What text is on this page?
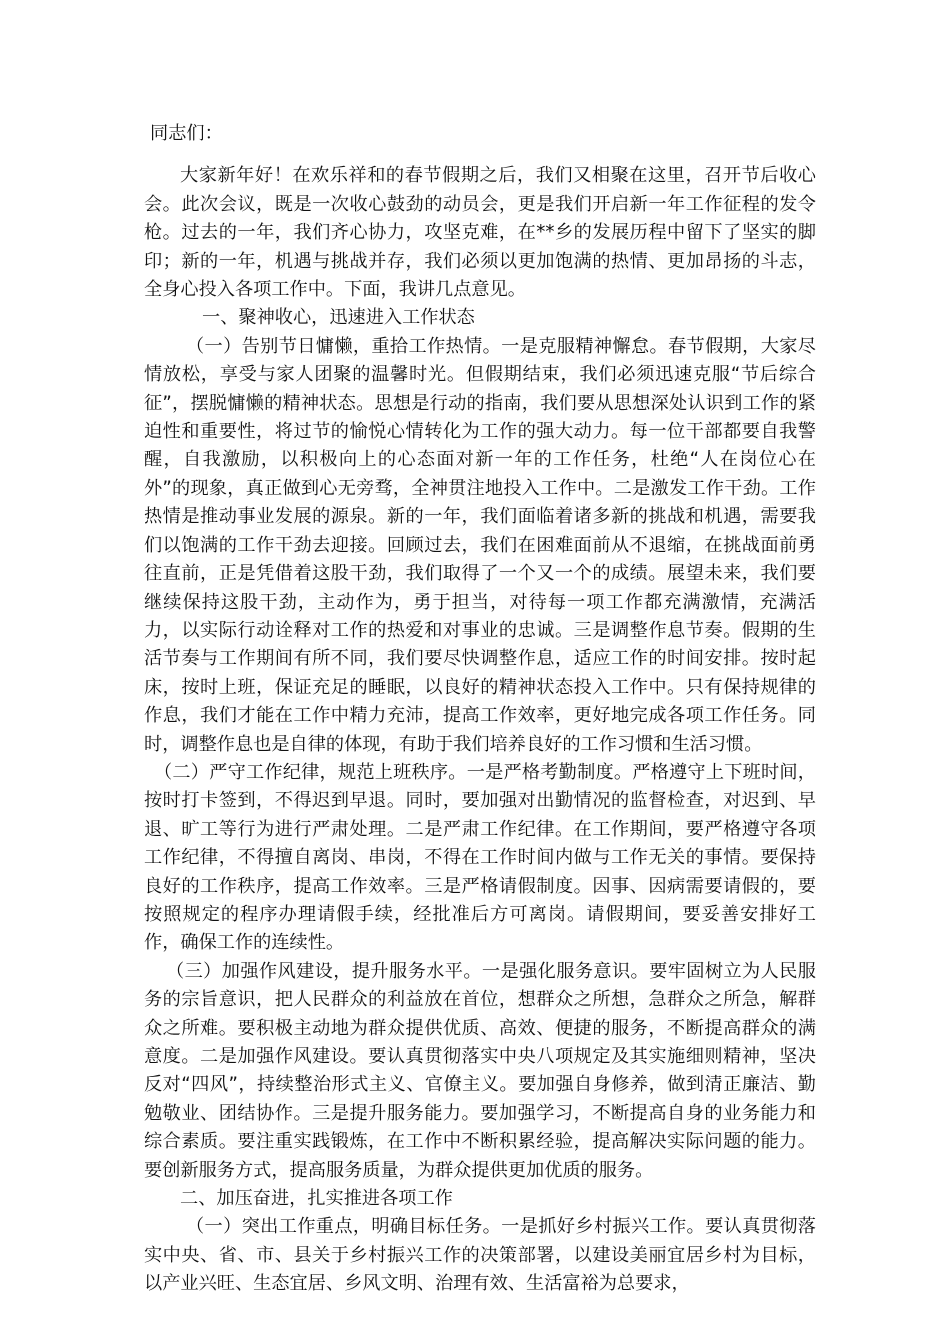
同志们：

大家新年好！在欢乐祥和的春节假期之后，我们又相聚在这里，召开节后收心会。此次会议，既是一次收心鼓劲的动员会，更是我们开启新一年工作征程的发令枪。过去的一年，我们齐心协力，攻坚克难，在**乡的发展历程中留下了坚实的脚印；新的一年，机遇与挑战并存，我们必须以更加饱满的热情、更加昂扬的斗志，全身心投入各项工作中。下面，我讲几点意见。

一、聚神收心，迅速进入工作状态

（一）告别节日慵懒，重拾工作热情。一是克服精神懈怠。春节假期，大家尽情放松，享受与家人团聚的温馨时光。但假期结束，我们必须迅速克服“节后综合征”，摆脱慵懒的精神状态。思想是行动的指南，我们要从思想深处认识到工作的紧迫性和重要性，将过节的愉悦心情转化为工作的强大动力。每一位干部都要自我警醒，自我激励，以积极向上的心态面对新一年的工作任务，杜绝“人在岗位心在外”的现象，真正做到心无旁骛，全神贯注地投入工作中。二是激发工作干劲。工作热情是推动事业发展的源泉。新的一年，我们面临着诸多新的挑战和机遇，需要我们以饱满的工作干劲去迎接。回顾过去，我们在困难面前从不退缩，在挑战面前勇往直前，正是凭借着这股干劲，我们取得了一个又一个的成绩。展望未来，我们要继续保持这股干劲，主动作为，勇于担当，对待每一项工作都充满激情，充满活力，以实际行动诠释对工作的热爱和对事业的忠诚。三是调整作息节奏。假期的生活节奏与工作期间有所不同，我们要尽快调整作息，适应工作的时间安排。按时起床，按时上班，保证充足的睡眠，以良好的精神状态投入工作中。只有保持规律的作息，我们才能在工作中精力充沛，提高工作效率，更好地完成各项工作任务。同时，调整作息也是自律的体现，有助于我们培养良好的工作习惯和生活习惯。

（二）严守工作纪律，规范上班秩序。一是严格考勤制度。严格遵守上下班时间，按时打卡签到，不得迟到早退。同时，要加强对出勤情况的监督检查，对迟到、早退、旷工等行为进行严肃处理。二是严肃工作纪律。在工作期间，要严格遵守各项工作纪律，不得擅自离岗、串岗，不得在工作时间内做与工作无关的事情。要保持良好的工作秩序，提高工作效率。三是严格请假制度。因事、因病需要请假的，要按照规定的程序办理请假手续，经批准后方可离岗。请假期间，要妥善安排好工作，确保工作的连续性。

（三）加强作风建设，提升服务水平。一是强化服务意识。要牢固树立为人民服务的宗旨意识，把人民群众的利益放在首位，想群众之所想，急群众之所急，解群众之所难。要积极主动地为群众提供优质、高效、便捷的服务，不断提高群众的满意度。二是加强作风建设。要认真贯彻落实中央八项规定及其实施细则精神，坚决反对“四风”，持续整治形式主义、官僚主义。要加强自身修养，做到清正廉洁、勤勉敬业、团结协作。三是提升服务能力。要加强学习，不断提高自身的业务能力和综合素质。要注重实践锻炼，在工作中不断积累经验，提高解决实际问题的能力。要创新服务方式，提高服务质量，为群众提供更加优质的服务。

二、加压奋进，扎实推进各项工作

（一）突出工作重点，明确目标任务。一是抓好乡村振兴工作。要认真贯彻落实中央、省、市、县关于乡村振兴工作的决策部署，以建设美丽宜居乡村为目标，以产业兴旺、生态宜居、乡风文明、治理有效、生活富裕为总要求，
